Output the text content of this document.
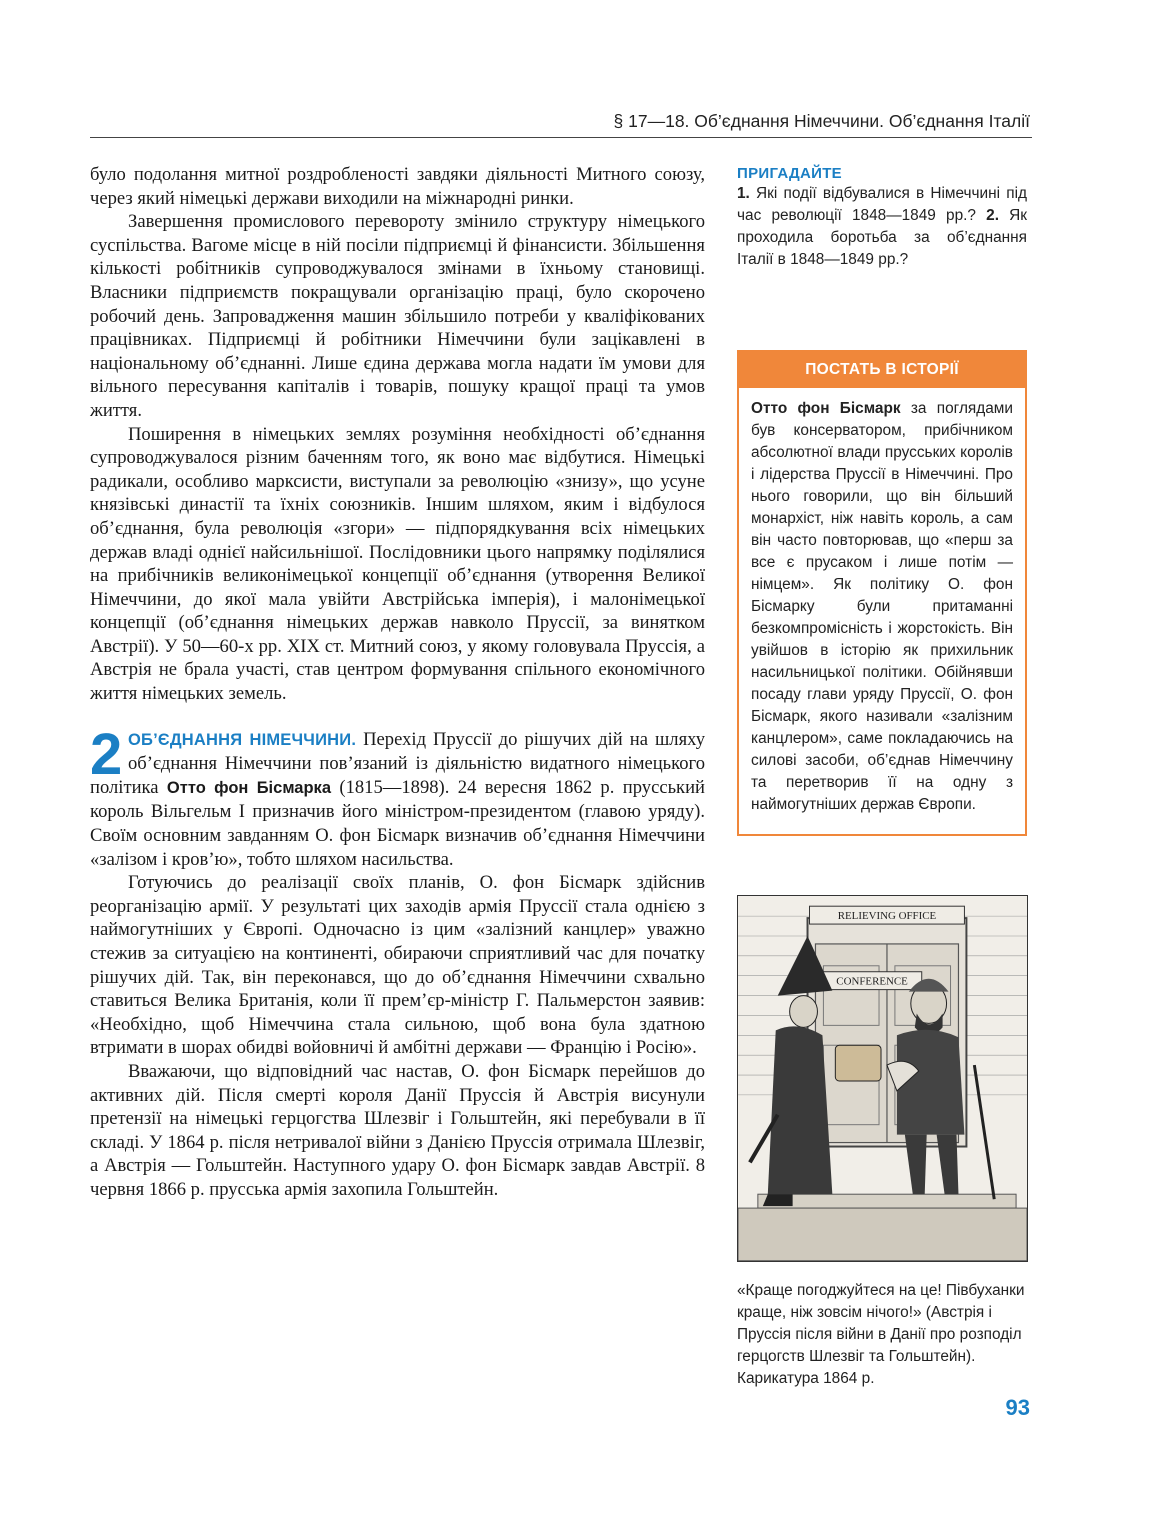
§ 17—18. Об’єднання Німеччини. Об’єднання Італії

було подолання митної роздробленості завдяки діяльності Митного союзу, через який німецькі держави виходили на міжнародні ринки.

Завершення промислового перевороту змінило структуру німецького суспільства. Вагоме місце в ній посіли підприємці й фінансисти. Збільшення кількості робітників супроводжувалося змінами в їхньому становищі. Власники підприємств покращували організацію праці, було скорочено робочий день. Запровадження машин збільшило потреби у кваліфікованих працівниках. Підприємці й робітники Німеччини були зацікавлені в національному об’єднанні. Лише єдина держава могла надати їм умови для вільного пересування капіталів і товарів, пошуку кращої праці та умов життя.

Поширення в німецьких землях розуміння необхідності об’єднання супроводжувалося різним баченням того, як воно має відбутися. Німецькі радикали, особливо марксисти, виступали за революцію «знизу», що усуне князівські династії та їхніх союзників. Іншим шляхом, яким і відбулося об’єднання, була революція «згори» — підпорядкування всіх німецьких держав владі однієї найсильнішої. Послідовники цього напрямку поділялися на прибічників великонімецької концепції об’єднання (утворення Великої Німеччини, до якої мала увійти Австрійська імперія), і малонімецької концепції (об’єднання німецьких держав навколо Пруссії, за винятком Австрії). У 50—60-х рр. XIX ст. Митний союз, у якому головувала Пруссія, а Австрія не брала участі, став центром формування спільного економічного життя німецьких земель.

2 ОБ’ЄДНАННЯ НІМЕЧЧИНИ. Перехід Пруссії до рішучих дій на шляху об’єднання Німеччини пов’язаний із діяльністю видатного німецького політика Отто фон Бісмарка (1815—1898). 24 вересня 1862 р. прусський король Вільгельм І призначив його міністром-президентом (главою уряду). Своїм основним завданням О. фон Бісмарк визначив об’єднання Німеччини «залізом і кров’ю», тобто шляхом насильства.

Готуючись до реалізації своїх планів, О. фон Бісмарк здійснив реорганізацію армії. У результаті цих заходів армія Пруссії стала однією з наймогутніших у Європі. Одночасно із цим «залізний канцлер» уважно стежив за ситуацією на континенті, обираючи сприятливий час для початку рішучих дій. Так, він переконався, що до об’єднання Німеччини схвально ставиться Велика Британія, коли її прем’єр-міністр Г. Пальмерстон заявив: «Необхідно, щоб Німеччина стала сильною, щоб вона була здатною втримати в шорах обидві войовничі й амбітні держави — Францію і Росію».

Вважаючи, що відповідний час настав, О. фон Бісмарк перейшов до активних дій. Після смерті короля Данії Пруссія й Австрія висунули претензії на німецькі герцогства Шлезвіг і Гольштейн, які перебували в її складі. У 1864 р. після нетривалої війни з Данією Пруссія отримала Шлезвіг, а Австрія — Гольштейн. Наступного удару О. фон Бісмарк завдав Австрії. 8 червня 1866 р. прусська армія захопила Гольштейн.

ПРИГАДАЙТЕ
1. Які події відбувалися в Німеччині під час революції 1848—1849 рр.? 2. Як проходила боротьба за об’єднання Італії в 1848—1849 рр.?
ПОСТАТЬ В ІСТОРІЇ
Отто фон Бісмарк за поглядами був консерватором, прибічником абсолютної влади прусських королів і лідерства Пруссії в Німеччині. Про нього говорили, що він більший монархіст, ніж навіть король, а сам він часто повторював, що «перш за все є прусаком і лише потім — німцем». Як політику О. фон Бісмарку були притаманні безкомпромісність і жорстокість. Він увійшов в історію як прихильник насильницької політики. Обійнявши посаду глави уряду Пруссії, О. фон Бісмарк, якого називали «залізним канцлером», саме покладаючись на силові засоби, об’єднав Німеччину та перетворив її на одну з наймогутніших держав Європи.
RELIEVING OFFICE
CONFERENCE
«Краще погоджуйтеся на це! Півбуханки краще, ніж зовсім нічого!» (Австрія і Пруссія після війни в Данії про розподіл герцогств Шлезвіг та Гольштейн). Карикатура 1864 р.
93
